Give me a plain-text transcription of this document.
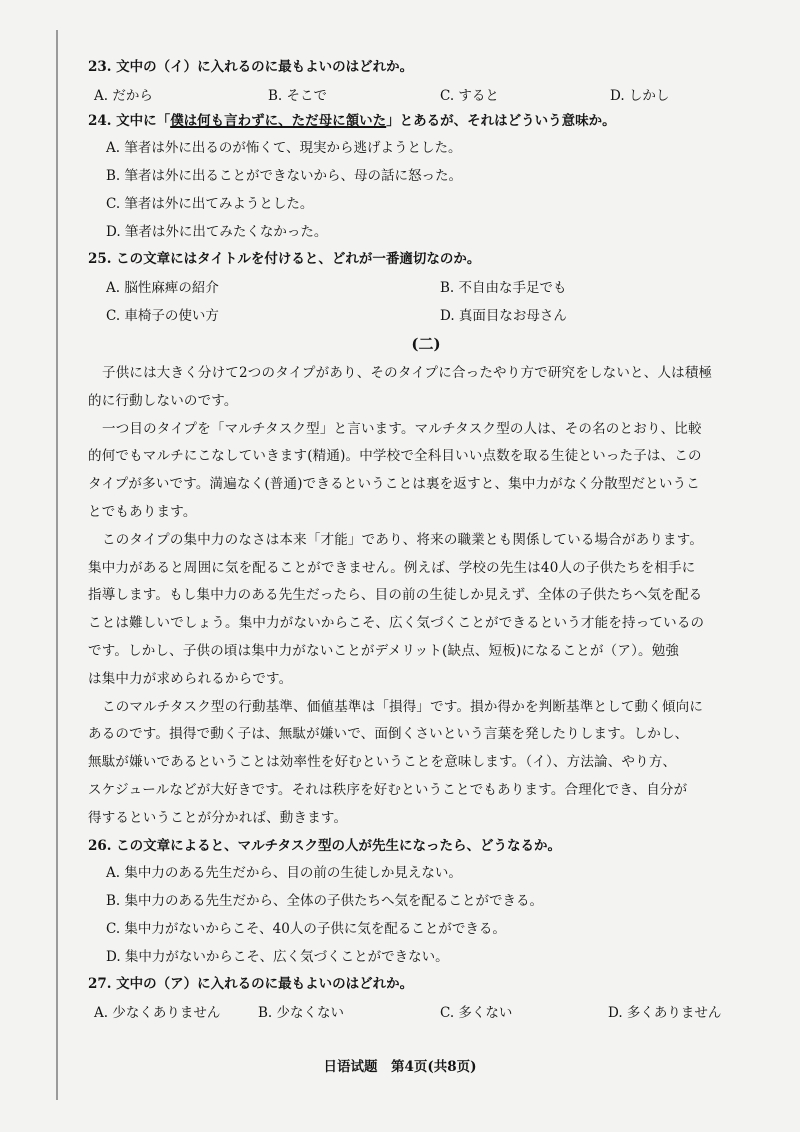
23. 文中の（イ）に入れるのに最もよいのはどれか。
A. だから	B. そこで	C. すると	D. しかし
24. 文中に「僕は何も言わずに、ただ母に頷いた」とあるが、それはどういう意味か。
A. 筆者は外に出るのが怖くて、現実から逃げようとした。
B. 筆者は外に出ることができないから、母の話に怒った。
C. 筆者は外に出てみようとした。
D. 筆者は外に出てみたくなかった。
25. この文章にはタイトルを付けると、どれが一番適切なのか。
A. 脳性麻痺の紹介	B. 不自由な手足でも
C. 車椅子の使い方	D. 真面目なお母さん
(二)
子供には大きく分けて2つのタイプがあり、そのタイプに合ったやり方で研究をしないと、人は積極
的に行動しないのです。
一つ目のタイプを「マルチタスク型」と言います。マルチタスク型の人は、その名のとおり、比較
的何でもマルチにこなしていきます(精通)。中学校で全科目いい点数を取る生徒といった子は、この
タイプが多いです。満遍なく(普通)できるということは裏を返すと、集中力がなく分散型だというこ
とでもあります。
このタイプの集中力のなさは本来「才能」であり、将来の職業とも関係している場合があります。
集中力があると周囲に気を配ることができません。例えば、学校の先生は40人の子供たちを相手に
指導します。もし集中力のある先生だったら、目の前の生徒しか見えず、全体の子供たちへ気を配る
ことは難しいでしょう。集中力がないからこそ、広く気づくことができるという才能を持っているの
です。しかし、子供の頃は集中力がないことがデメリット(缺点、短板)になることが（ア）。勉強
は集中力が求められるからです。
このマルチタスク型の行動基準、価値基準は「損得」です。損か得かを判断基準として動く傾向に
あるのです。損得で動く子は、無駄が嫌いで、面倒くさいという言葉を発したりします。しかし、
無駄が嫌いであるということは効率性を好むということを意味します。（イ）、方法論、やり方、
スケジュールなどが大好きです。それは秩序を好むということでもあります。合理化でき、自分が
得するということが分かれば、動きます。
26. この文章によると、マルチタスク型の人が先生になったら、どうなるか。
A. 集中力のある先生だから、目の前の生徒しか見えない。
B. 集中力のある先生だから、全体の子供たちへ気を配ることができる。
C. 集中力がないからこそ、40人の子供に気を配ることができる。
D. 集中力がないからこそ、広く気づくことができない。
27. 文中の（ア）に入れるのに最もよいのはどれか。
A. 少なくありません	B. 少なくない	C. 多くない	D. 多くありません
日语试题　第4页(共8页)
